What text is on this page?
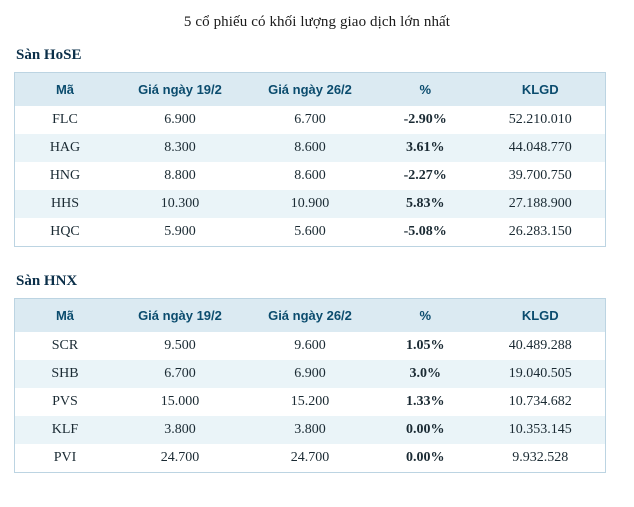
5 cổ phiếu có khối lượng giao dịch lớn nhất
Sàn HoSE
Mã	Giá ngày 19/2	Giá ngày 26/2	%	KLGD
FLC	6.900	6.700	-2.90%	52.210.010
HAG	8.300	8.600	3.61%	44.048.770
HNG	8.800	8.600	-2.27%	39.700.750
HHS	10.300	10.900	5.83%	27.188.900
HQC	5.900	5.600	-5.08%	26.283.150
Sàn HNX
Mã	Giá ngày 19/2	Giá ngày 26/2	%	KLGD
SCR	9.500	9.600	1.05%	40.489.288
SHB	6.700	6.900	3.0%	19.040.505
PVS	15.000	15.200	1.33%	10.734.682
KLF	3.800	3.800	0.00%	10.353.145
PVI	24.700	24.700	0.00%	9.932.528
